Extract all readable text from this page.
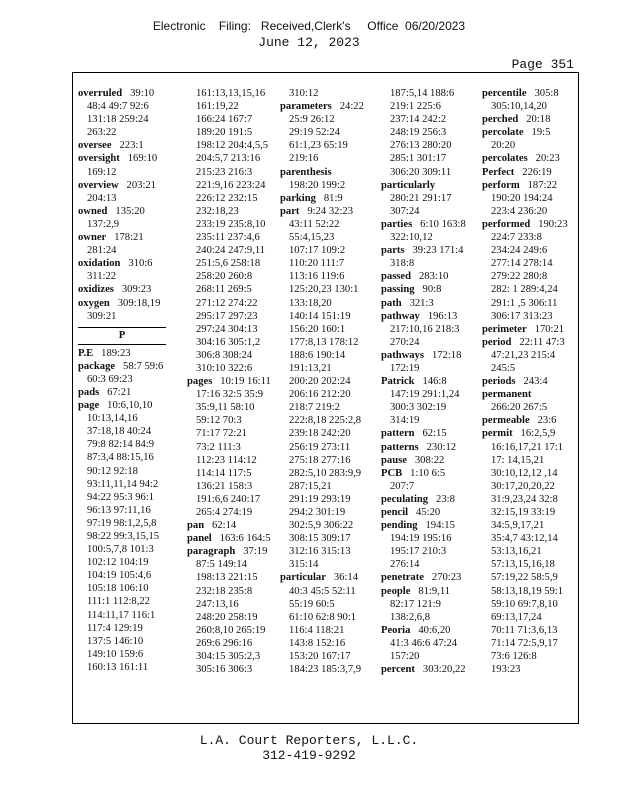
Electronic    Filing:   Received,Clerk's     Office  06/20/2023
June 12, 2023
Page 351
overruled 39:10
48:4 49:7 92:6
131:18 259:24
263:22
oversee 223:1
oversight 169:10
169:12
overview 203:21
204:13
owned 135:20
137:2,9
owner 178:21
281:24
oxidation 310:6
311:22
oxidizes 309:23
oxygen 309:18,19
309:21
P
P.E 189:23
package 58:7 59:6
60:3 69:23
pads 67:21
page 10:6,10,10
10:13,14,16
37:18,18 40:24
79:8 82:14 84:9
87:3,4 88:15,16
90:12 92:18
93:11,11,14 94:2
94:22 95:3 96:1
96:13 97:11,16
97:19 98:1,2,5,8
98:22 99:3,15,15
100:5,7,8 101:3
102:12 104:19
104:19 105:4,6
105:18 106:10
111:1 112:8,22
114:11,17 116:1
117:4 129:19
137:5 146:10
149:10 159:6
160:13 161:11
161:13,13,15,16
161:19,22
166:24 167:7
189:20 191:5
198:12 204:4,5,5
204:5,7 213:16
215:23 216:3
221:9,16 223:24
226:12 232:15
232:18,23
233:19 235:8,10
235:11 237:4,6
240:24 247:9,11
251:5,6 258:18
258:20 260:8
268:11 269:5
271:12 274:22
295:17 297:23
297:24 304:13
304:16 305:1,2
306:8 308:24
310:10 322:6
pages 10:19 16:11
17:16 32:5 35:9
35:9,11 58:10
59:12 70:3
71:17 72:21
73:2 111:3
112:23 114:12
114:14 117:5
136:21 158:3
191:6,6 240:17
265:4 274:19
pan 62:14
panel 163:6 164:5
paragraph 37:19
87:5 149:14
198:13 221:15
232:18 235:8
247:13,16
248:20 258:19
260:8,10 265:19
269:6 296:16
304:15 305:2,3
305:16 306:3
310:12
parameters 24:22
25:9 26:12
29:19 52:24
61:1,23 65:19
219:16
parenthesis
198:20 199:2
parking 81:9
part 9:24 32:23
43:11 52:22
55:4,15,23
107:17 109:2
110:20 111:7
113:16 119:6
125:20,23 130:1
133:18,20
140:14 151:19
156:20 160:1
177:8,13 178:12
188:6 190:14
191:13,21
200:20 202:24
206:16 212:20
218:7 219:2
222:8,18 225:2,8
239:18 242:20
256:19 273:11
275:18 277:16
282:5,10 283:9,9
287:15,21
291:19 293:19
294:2 301:19
302:5,9 306:22
308:15 309:17
312:16 315:13
315:14
particular 36:14
40:3 45:5 52:11
55:19 60:5
61:10 62:8 90:1
116:4 118:21
143:8 152:16
153:20 167:17
184:23 185:3,7,9
187:5,14 188:6
219:1 225:6
237:14 242:2
248:19 256:3
276:13 280:20
285:1 301:17
306:20 309:11
particularly
280:21 291:17
307:24
parties 6:10 163:8
322:10,12
parts 39:23 171:4
318:8
passed 283:10
passing 90:8
path 321:3
pathway 196:13
217:10,16 218:3
270:24
pathways 172:18
172:19
Patrick 146:8
147:19 291:1,24
300:3 302:19
314:19
pattern 62:15
patterns 230:12
pause 308:22
PCB 1:10 6:5
207:7
peculating 23:8
pencil 45:20
pending 194:15
194:19 195:16
195:17 210:3
276:14
penetrate 270:23
people 81:9,11
82:17 121:9
138:2,6,8
Peoria 40:6,20
41:3 46:6 47:24
157:20
percent 303:20,22
percentile 305:8
305:10,14,20
perched 20:18
percolate 19:5
20:20
percolates 20:23
Perfect 226:19
perform 187:22
190:20 194:24
223:4 236:20
performed 190:23
224:7 233:8
234:24 249:6
277:14 278:14
279:22 280:8
282: 1 289:4,24
291:1 ,5 306:11
306:17 313:23
perimeter 170:21
period 22:11 47:3
47:21,23 215:4
245:5
periods 243:4
permanent
266:20 267:5
permeable 23:6
permit 16:2,5,9
16:16,17,21 17:1
17: 14,15,21
30:10,12,12 ,14
30:17,20,20,22
31:9,23,24 32:8
32:15,19 33:19
34:5,9,17,21
35:4,7 43:12,14
53:13,16,21
57:13,15,16,18
57:19,22 58:5,9
58:13,18,19 59:1
59:10 69:7,8,10
69:13,17,24
70:11 71:3,6,13
71:14 72:5,9,17
73:6 126:8
193:23
L.A. Court Reporters, L.L.C.
312-419-9292
